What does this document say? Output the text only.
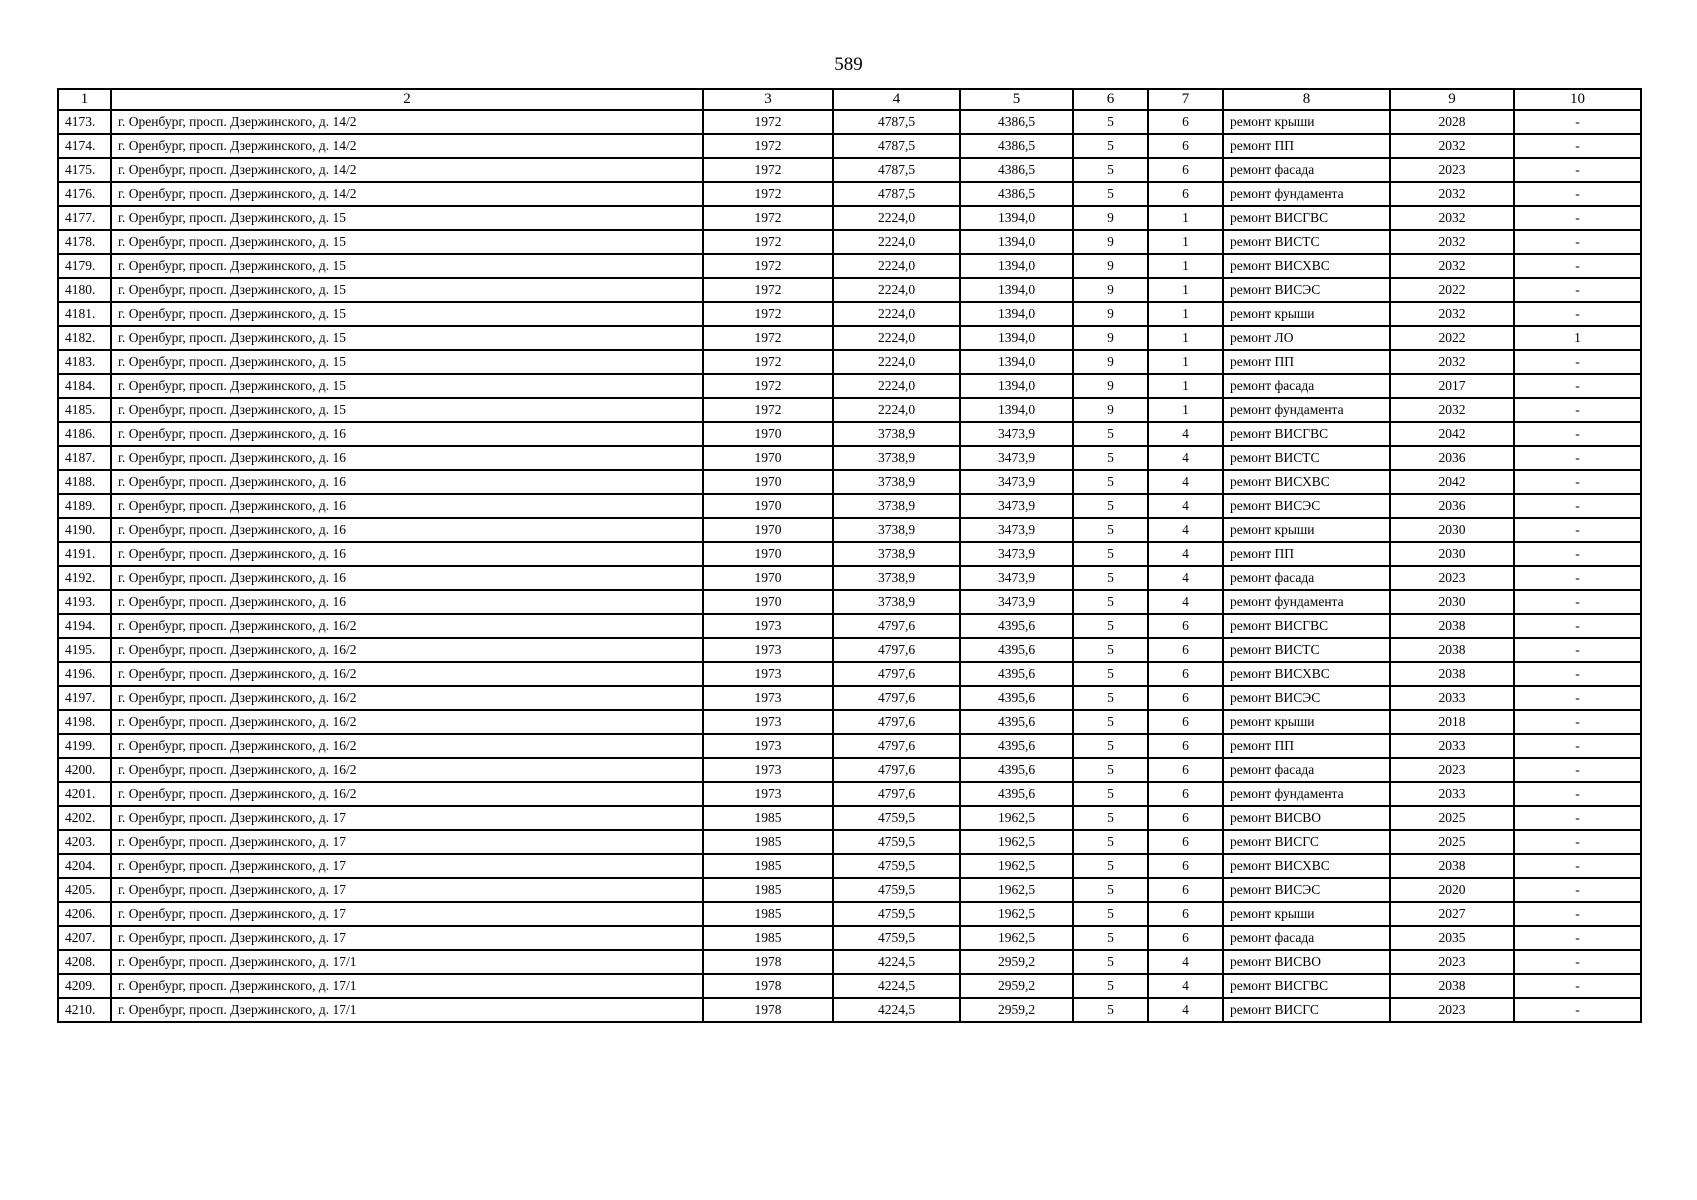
589
1	2	3	4	5	6	7	8	9	10
4173.	г. Оренбург, просп. Дзержинского, д. 14/2	1972	4787,5	4386,5	5	6	ремонт крыши	2028	-
4174.	г. Оренбург, просп. Дзержинского, д. 14/2	1972	4787,5	4386,5	5	6	ремонт ПП	2032	-
4175.	г. Оренбург, просп. Дзержинского, д. 14/2	1972	4787,5	4386,5	5	6	ремонт фасада	2023	-
4176.	г. Оренбург, просп. Дзержинского, д. 14/2	1972	4787,5	4386,5	5	6	ремонт фундамента	2032	-
4177.	г. Оренбург, просп. Дзержинского, д. 15	1972	2224,0	1394,0	9	1	ремонт ВИСГВС	2032	-
4178.	г. Оренбург, просп. Дзержинского, д. 15	1972	2224,0	1394,0	9	1	ремонт ВИСТС	2032	-
4179.	г. Оренбург, просп. Дзержинского, д. 15	1972	2224,0	1394,0	9	1	ремонт ВИСХВС	2032	-
4180.	г. Оренбург, просп. Дзержинского, д. 15	1972	2224,0	1394,0	9	1	ремонт ВИСЭС	2022	-
4181.	г. Оренбург, просп. Дзержинского, д. 15	1972	2224,0	1394,0	9	1	ремонт крыши	2032	-
4182.	г. Оренбург, просп. Дзержинского, д. 15	1972	2224,0	1394,0	9	1	ремонт ЛО	2022	1
4183.	г. Оренбург, просп. Дзержинского, д. 15	1972	2224,0	1394,0	9	1	ремонт ПП	2032	-
4184.	г. Оренбург, просп. Дзержинского, д. 15	1972	2224,0	1394,0	9	1	ремонт фасада	2017	-
4185.	г. Оренбург, просп. Дзержинского, д. 15	1972	2224,0	1394,0	9	1	ремонт фундамента	2032	-
4186.	г. Оренбург, просп. Дзержинского, д. 16	1970	3738,9	3473,9	5	4	ремонт ВИСГВС	2042	-
4187.	г. Оренбург, просп. Дзержинского, д. 16	1970	3738,9	3473,9	5	4	ремонт ВИСТС	2036	-
4188.	г. Оренбург, просп. Дзержинского, д. 16	1970	3738,9	3473,9	5	4	ремонт ВИСХВС	2042	-
4189.	г. Оренбург, просп. Дзержинского, д. 16	1970	3738,9	3473,9	5	4	ремонт ВИСЭС	2036	-
4190.	г. Оренбург, просп. Дзержинского, д. 16	1970	3738,9	3473,9	5	4	ремонт крыши	2030	-
4191.	г. Оренбург, просп. Дзержинского, д. 16	1970	3738,9	3473,9	5	4	ремонт ПП	2030	-
4192.	г. Оренбург, просп. Дзержинского, д. 16	1970	3738,9	3473,9	5	4	ремонт фасада	2023	-
4193.	г. Оренбург, просп. Дзержинского, д. 16	1970	3738,9	3473,9	5	4	ремонт фундамента	2030	-
4194.	г. Оренбург, просп. Дзержинского, д. 16/2	1973	4797,6	4395,6	5	6	ремонт ВИСГВС	2038	-
4195.	г. Оренбург, просп. Дзержинского, д. 16/2	1973	4797,6	4395,6	5	6	ремонт ВИСТС	2038	-
4196.	г. Оренбург, просп. Дзержинского, д. 16/2	1973	4797,6	4395,6	5	6	ремонт ВИСХВС	2038	-
4197.	г. Оренбург, просп. Дзержинского, д. 16/2	1973	4797,6	4395,6	5	6	ремонт ВИСЭС	2033	-
4198.	г. Оренбург, просп. Дзержинского, д. 16/2	1973	4797,6	4395,6	5	6	ремонт крыши	2018	-
4199.	г. Оренбург, просп. Дзержинского, д. 16/2	1973	4797,6	4395,6	5	6	ремонт ПП	2033	-
4200.	г. Оренбург, просп. Дзержинского, д. 16/2	1973	4797,6	4395,6	5	6	ремонт фасада	2023	-
4201.	г. Оренбург, просп. Дзержинского, д. 16/2	1973	4797,6	4395,6	5	6	ремонт фундамента	2033	-
4202.	г. Оренбург, просп. Дзержинского, д. 17	1985	4759,5	1962,5	5	6	ремонт ВИСВО	2025	-
4203.	г. Оренбург, просп. Дзержинского, д. 17	1985	4759,5	1962,5	5	6	ремонт ВИСГС	2025	-
4204.	г. Оренбург, просп. Дзержинского, д. 17	1985	4759,5	1962,5	5	6	ремонт ВИСХВС	2038	-
4205.	г. Оренбург, просп. Дзержинского, д. 17	1985	4759,5	1962,5	5	6	ремонт ВИСЭС	2020	-
4206.	г. Оренбург, просп. Дзержинского, д. 17	1985	4759,5	1962,5	5	6	ремонт крыши	2027	-
4207.	г. Оренбург, просп. Дзержинского, д. 17	1985	4759,5	1962,5	5	6	ремонт фасада	2035	-
4208.	г. Оренбург, просп. Дзержинского, д. 17/1	1978	4224,5	2959,2	5	4	ремонт ВИСВО	2023	-
4209.	г. Оренбург, просп. Дзержинского, д. 17/1	1978	4224,5	2959,2	5	4	ремонт ВИСГВС	2038	-
4210.	г. Оренбург, просп. Дзержинского, д. 17/1	1978	4224,5	2959,2	5	4	ремонт ВИСГС	2023	-
